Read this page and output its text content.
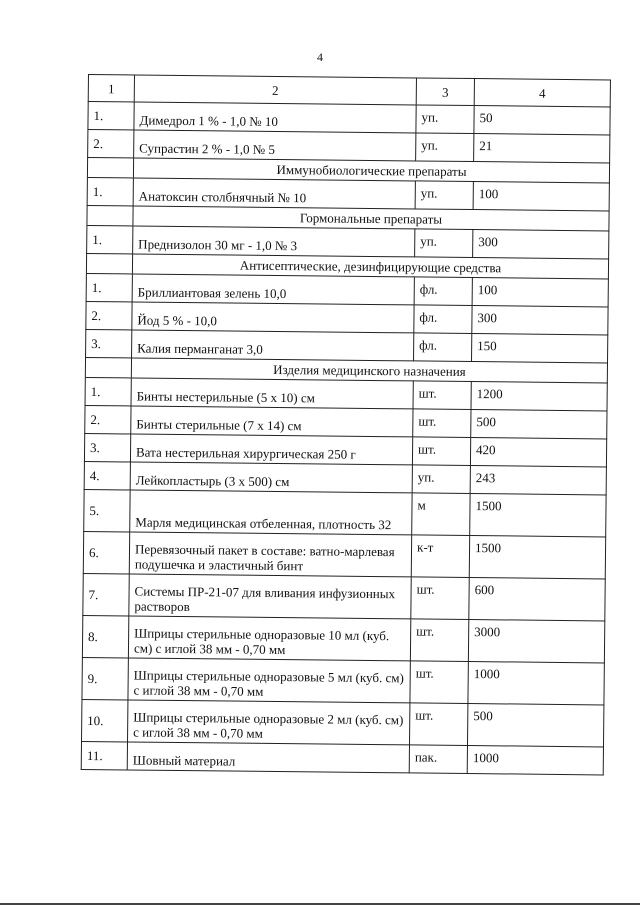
4
1	2	3	4
1.	Димедрол 1 % - 1,0 № 10	уп.	50
2.	Супрастин 2 % - 1,0 № 5	уп.	21
	Иммунобиологические препараты		
1.	Анатоксин столбнячный № 10	уп.	100
	Гормональные препараты		
1.	Преднизолон 30 мг - 1,0 № 3	уп.	300
	Антисептические, дезинфицирующие средства		
1.	Бриллиантовая зелень 10,0	фл.	100
2.	Йод 5 % - 10,0	фл.	300
3.	Калия перманганат 3,0	фл.	150
	Изделия медицинского назначения		
1.	Бинты нестерильные (5 х 10) см	шт.	1200
2.	Бинты стерильные (7 х 14) см	шт.	500
3.	Вата нестерильная хирургическая 250 г	шт.	420
4.	Лейкопластырь (3 х 500) см	уп.	243
5.	Марля медицинская отбеленная, плотность 32	м	1500
6.	Перевязочный пакет в составе: ватно-марлевая подушечка и эластичный бинт	к-т	1500
7.	Системы ПР-21-07 для вливания инфузионных растворов	шт.	600
8.	Шприцы стерильные одноразовые 10 мл (куб. см) с иглой 38 мм - 0,70 мм	шт.	3000
9.	Шприцы стерильные одноразовые 5 мл (куб. см) с иглой 38 мм - 0,70 мм	шт.	1000
10.	Шприцы стерильные одноразовые 2 мл (куб. см) с иглой 38 мм - 0,70 мм	шт.	500
11.	Шовный материал	пак.	1000
